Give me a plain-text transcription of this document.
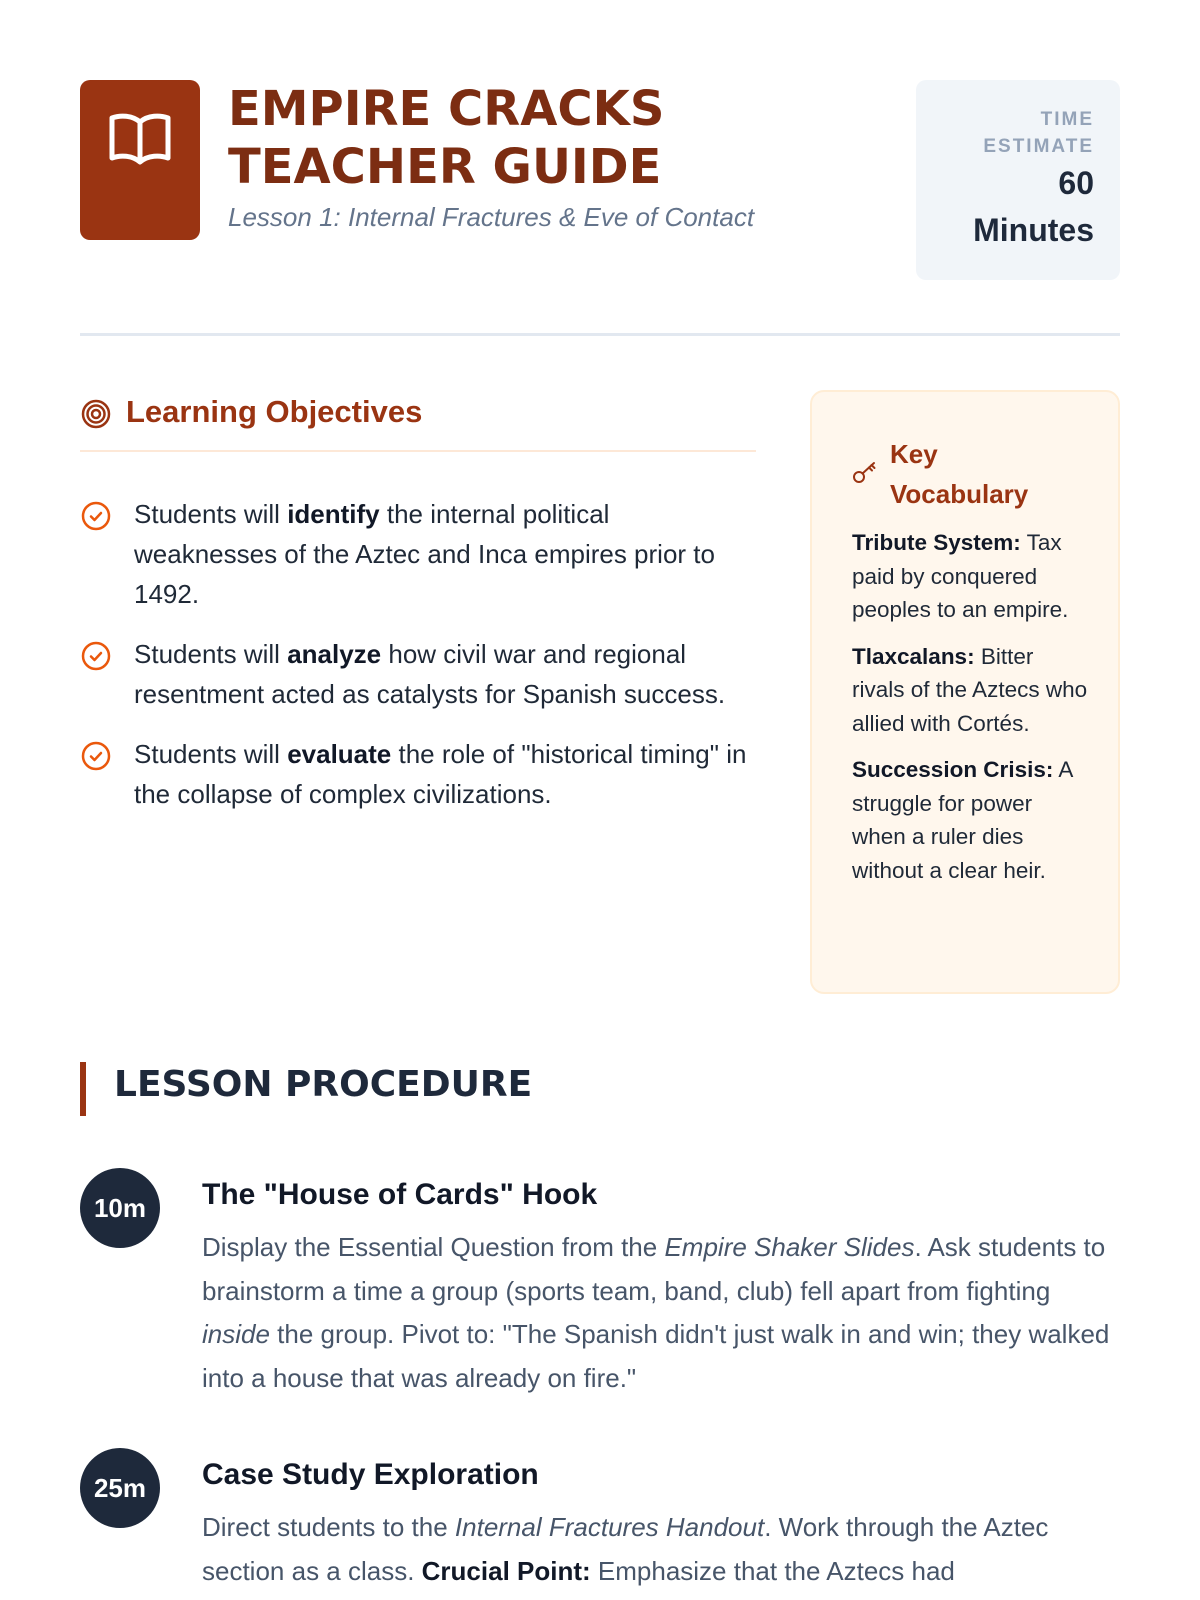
EMPIRE CRACKS
TEACHER GUIDE
Lesson 1: Internal Fractures & Eve of Contact
TIME
ESTIMATE
60
Minutes
Learning Objectives
Students will identify the internal political weaknesses of the Aztec and Inca empires prior to 1492.
Students will analyze how civil war and regional resentment acted as catalysts for Spanish success.
Students will evaluate the role of "historical timing" in the collapse of complex civilizations.
Key
Vocabulary
Tribute System: Tax paid by conquered peoples to an empire.
Tlaxcalans: Bitter rivals of the Aztecs who allied with Cortés.
Succession Crisis: A struggle for power when a ruler dies without a clear heir.
LESSON PROCEDURE
10m	The "House of Cards" Hook
Display the Essential Question from the Empire Shaker Slides. Ask students to brainstorm a time a group (sports team, band, club) fell apart from fighting inside the group. Pivot to: "The Spanish didn't just walk in and win; they walked into a house that was already on fire."
25m	Case Study Exploration
Direct students to the Internal Fractures Handout. Work through the Aztec section as a class. Crucial Point: Emphasize that the Aztecs had
